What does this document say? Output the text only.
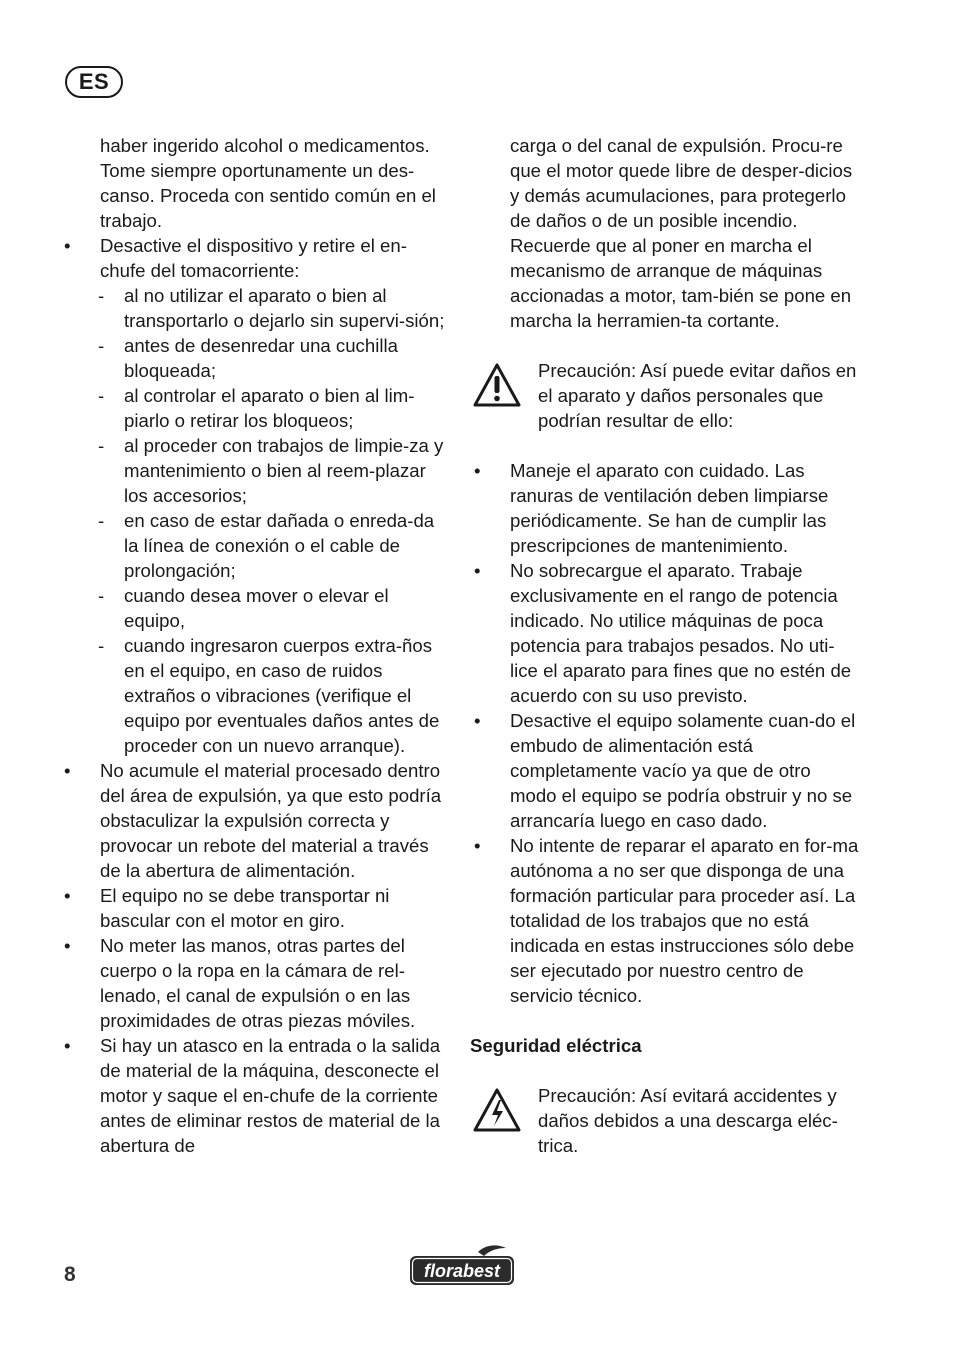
ES

haber ingerido alcohol o medicamentos. Tome siempre oportunamente un des-canso. Proceda con sentido común en el trabajo.

• Desactive el dispositivo y retire el en-chufe del tomacorriente:
- al no utilizar el aparato o bien al transportarlo o dejarlo sin supervi-sión;
- antes de desenredar una cuchilla bloqueada;
- al controlar el aparato o bien al lim-piarlo o retirar los bloqueos;
- al proceder con trabajos de limpie-za y mantenimiento o bien al reem-plazar los accesorios;
- en caso de estar dañada o enreda-da la línea de conexión o el cable de prolongación;
- cuando desea mover o elevar el equipo,
- cuando ingresaron cuerpos extra-ños en el equipo, en caso de ruidos extraños o vibraciones (verifique el equipo por eventuales daños antes de proceder con un nuevo arranque).
• No acumule el material procesado dentro del área de expulsión, ya que esto podría obstaculizar la expulsión correcta y provocar un rebote del material a través de la abertura de alimentación.
• El equipo no se debe transportar ni bascular con el motor en giro.
• No meter las manos, otras partes del cuerpo o la ropa en la cámara de rel-lenado, el canal de expulsión o en las proximidades de otras piezas móviles.
• Si hay un atasco en la entrada o la salida de material de la máquina, desconecte el motor y saque el en-chufe de la corriente antes de eliminar restos de material de la abertura de

carga o del canal de expulsión. Procu-re que el motor quede libre de desper-dicios y demás acumulaciones, para protegerlo de daños o de un posible incendio. Recuerde que al poner en marcha el mecanismo de arranque de máquinas accionadas a motor, tam-bién se pone en marcha la herramien-ta cortante.

Precaución: Así puede evitar daños en el aparato y daños personales que podrían resultar de ello:
• Maneje el aparato con cuidado. Las ranuras de ventilación deben limpiarse periódicamente. Se han de cumplir las prescripciones de mantenimiento.
• No sobrecargue el aparato. Trabaje exclusivamente en el rango de potencia indicado. No utilice máquinas de poca potencia para trabajos pesados. No uti-lice el aparato para fines que no estén de acuerdo con su uso previsto.
• Desactive el equipo solamente cuan-do el embudo de alimentación está completamente vacío ya que de otro modo el equipo se podría obstruir y no se arrancaría luego en caso dado.
• No intente de reparar el aparato en for-ma autónoma a no ser que disponga de una formación particular para proceder así. La totalidad de los trabajos que no está indicada en estas instrucciones sólo debe ser ejecutado por nuestro centro de servicio técnico.

Seguridad eléctrica

Precaución: Así evitará accidentes y daños debidos a una descarga eléc-trica.
8	florabest
